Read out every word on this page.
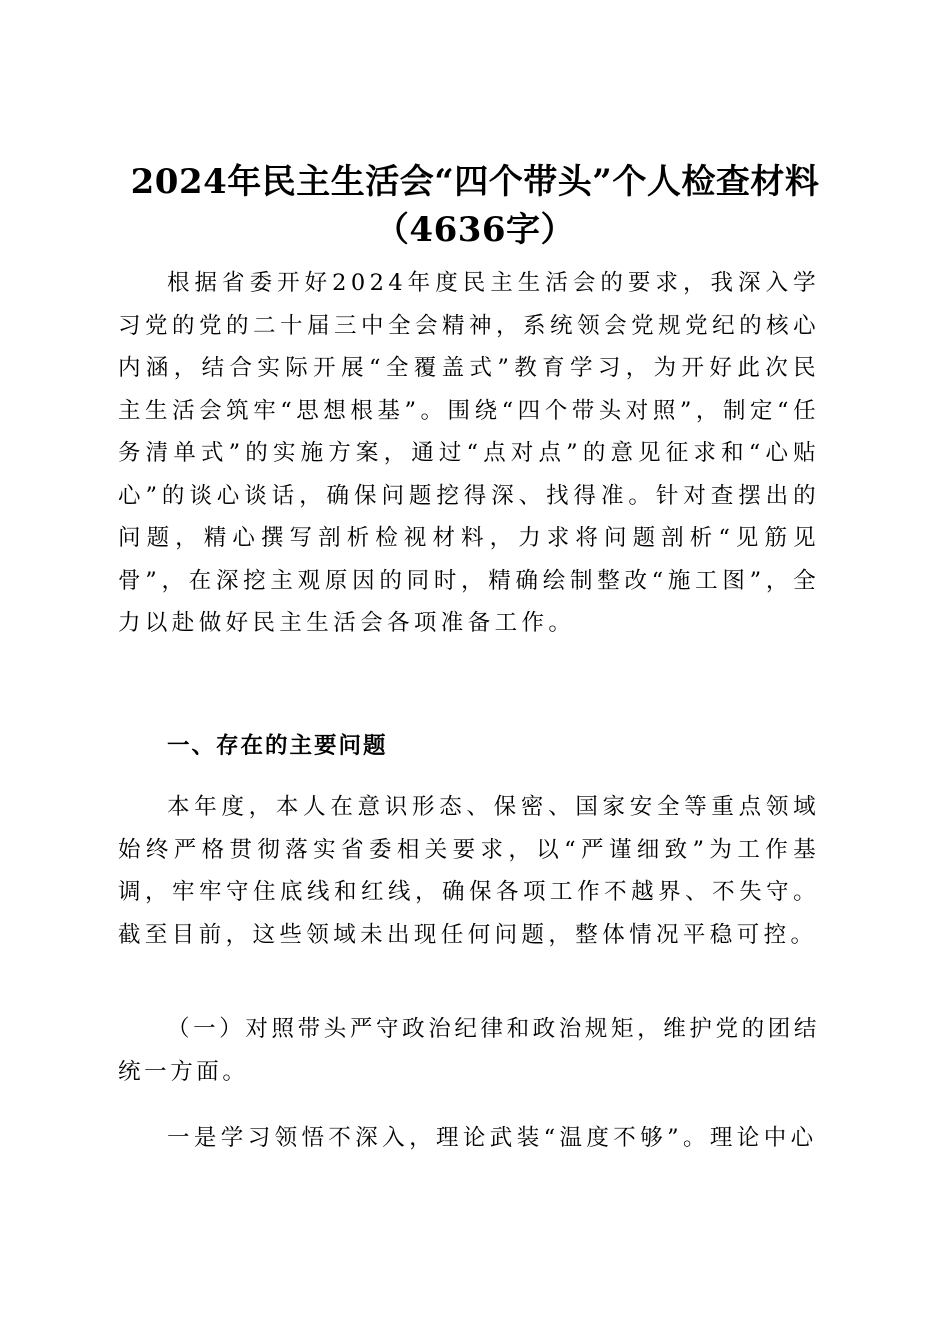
2024年民主生活会“四个带头”个人检查材料（4636字）

根据省委开好2024年度民主生活会的要求，我深入学习党的党的二十届三中全会精神，系统领会党规党纪的核心内涵，结合实际开展“全覆盖式”教育学习，为开好此次民主生活会筑牢“思想根基”。围绕“四个带头对照”，制定“任务清单式”的实施方案，通过“点对点”的意见征求和“心贴心”的谈心谈话，确保问题挖得深、找得准。针对查摆出的问题，精心撰写剖析检视材料，力求将问题剖析“见筋见骨”，在深挖主观原因的同时，精确绘制整改“施工图”，全力以赴做好民主生活会各项准备工作。

一、存在的主要问题

本年度，本人在意识形态、保密、国家安全等重点领域始终严格贯彻落实省委相关要求，以“严谨细致”为工作基调，牢牢守住底线和红线，确保各项工作不越界、不失守。截至目前，这些领域未出现任何问题，整体情况平稳可控。

（一）对照带头严守政治纪律和政治规矩，维护党的团结统一方面。

一是学习领悟不深入，理论武装“温度不够”。理论中心
